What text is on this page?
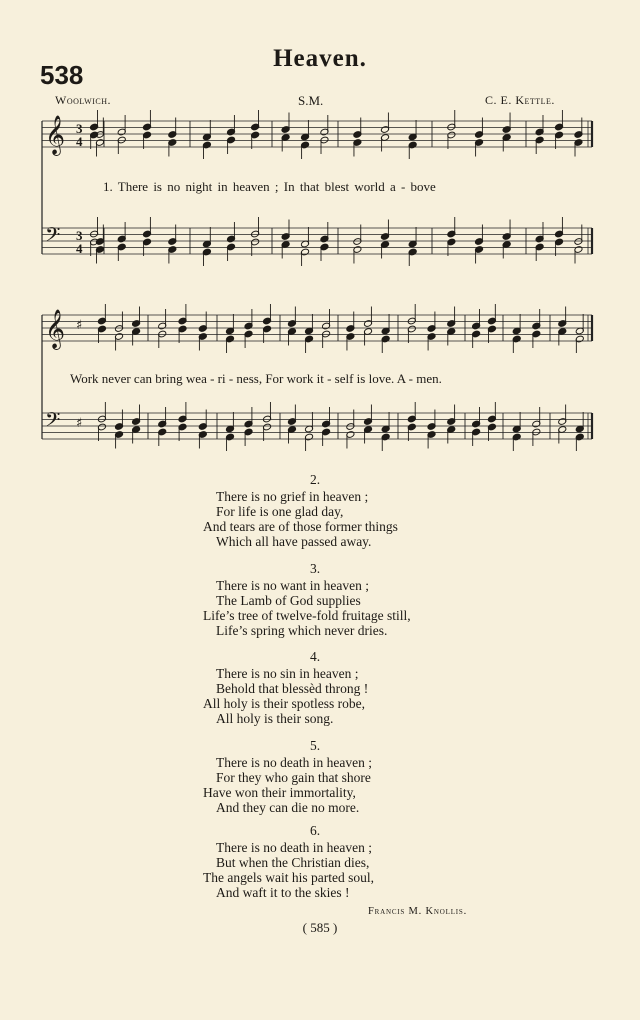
Heaven.
538
Woolwich.	S.M.	C. E. Kettle.
𝄞
𝄢
3
4
3
4
𝄞
𝄢
♯
♯
1. There is no night in heaven ; In that blest world a - bove
Work never can bring wea - ri - ness, For work it - self is love. A - men.
2.
There is no grief in heaven ;
For life is one glad day,
And tears are of those former things
Which all have passed away.
3.
There is no want in heaven ;
The Lamb of God supplies
Life’s tree of twelve-fold fruitage still,
Life’s spring which never dries.
4.
There is no sin in heaven ;
Behold that blessèd throng !
All holy is their spotless robe,
All holy is their song.
5.
There is no death in heaven ;
For they who gain that shore
Have won their immortality,
And they can die no more.
6.
There is no death in heaven ;
But when the Christian dies,
The angels wait his parted soul,
And waft it to the skies !
Francis M. Knollis.
( 585 )
